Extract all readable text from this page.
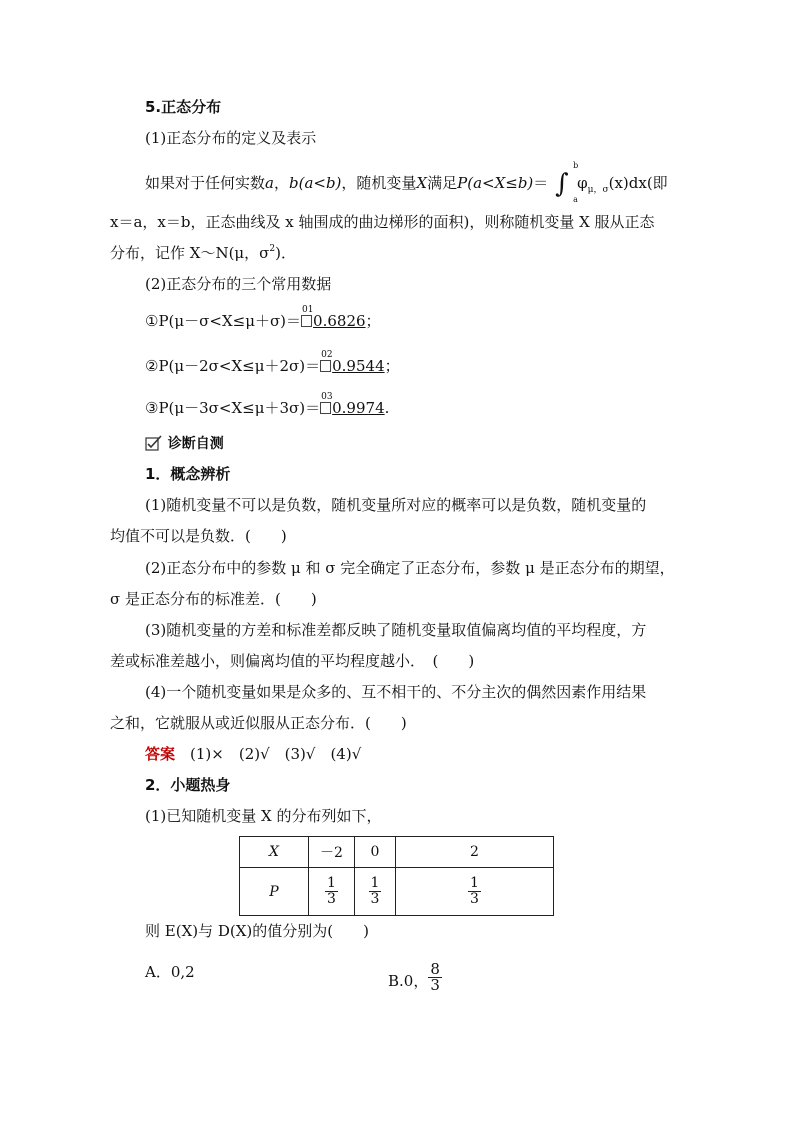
5.正态分布
(1)正态分布的定义及表示
如果对于任何实数a，b(a<b)，随机变量X满足P(a<X≤b)＝ ∫
b
a
$\varphi_{\mu,\sigma}(x)dx$(即
x＝a，x＝b，正态曲线及 x 轴围成的曲边梯形的面积)，则称随机变量 X 服从正态
分布，记作 X～N(μ，$\sigma^2$)．
(2)正态分布的三个常用数据
①P(μ－σ<X≤μ＋σ)＝
01
0.6826；
②P(μ－2σ<X≤μ＋2σ)＝
02
0.9544；
③P(μ－3σ<X≤μ＋3σ)＝
03
0.9974.
诊断自测
1．概念辨析
(1)随机变量不可以是负数，随机变量所对应的概率可以是负数，随机变量的
均值不可以是负数．(　　)
(2)正态分布中的参数 μ 和 σ 完全确定了正态分布，参数 μ 是正态分布的期望，
σ 是正态分布的标准差．(　　)
(3)随机变量的方差和标准差都反映了随机变量取值偏离均值的平均程度，方
差或标准差越小，则偏离均值的平均程度越小．　(　　)
(4)一个随机变量如果是众多的、互不相干的、不分主次的偶然因素作用结果
之和，它就服从或近似服从正态分布．(　　)
答案　 (1)×　(2)√　(3)√　(4)√
2．小题热身
(1)已知随机变量 X 的分布列如下，
X	－2	0	2
P	$\frac{1}{3}$	$\frac{1}{3}$	$\frac{1}{3}$
则 E(X)与 D(X)的值分别为(　　)
A．0,2	B.0， $\frac{8}{3}$
